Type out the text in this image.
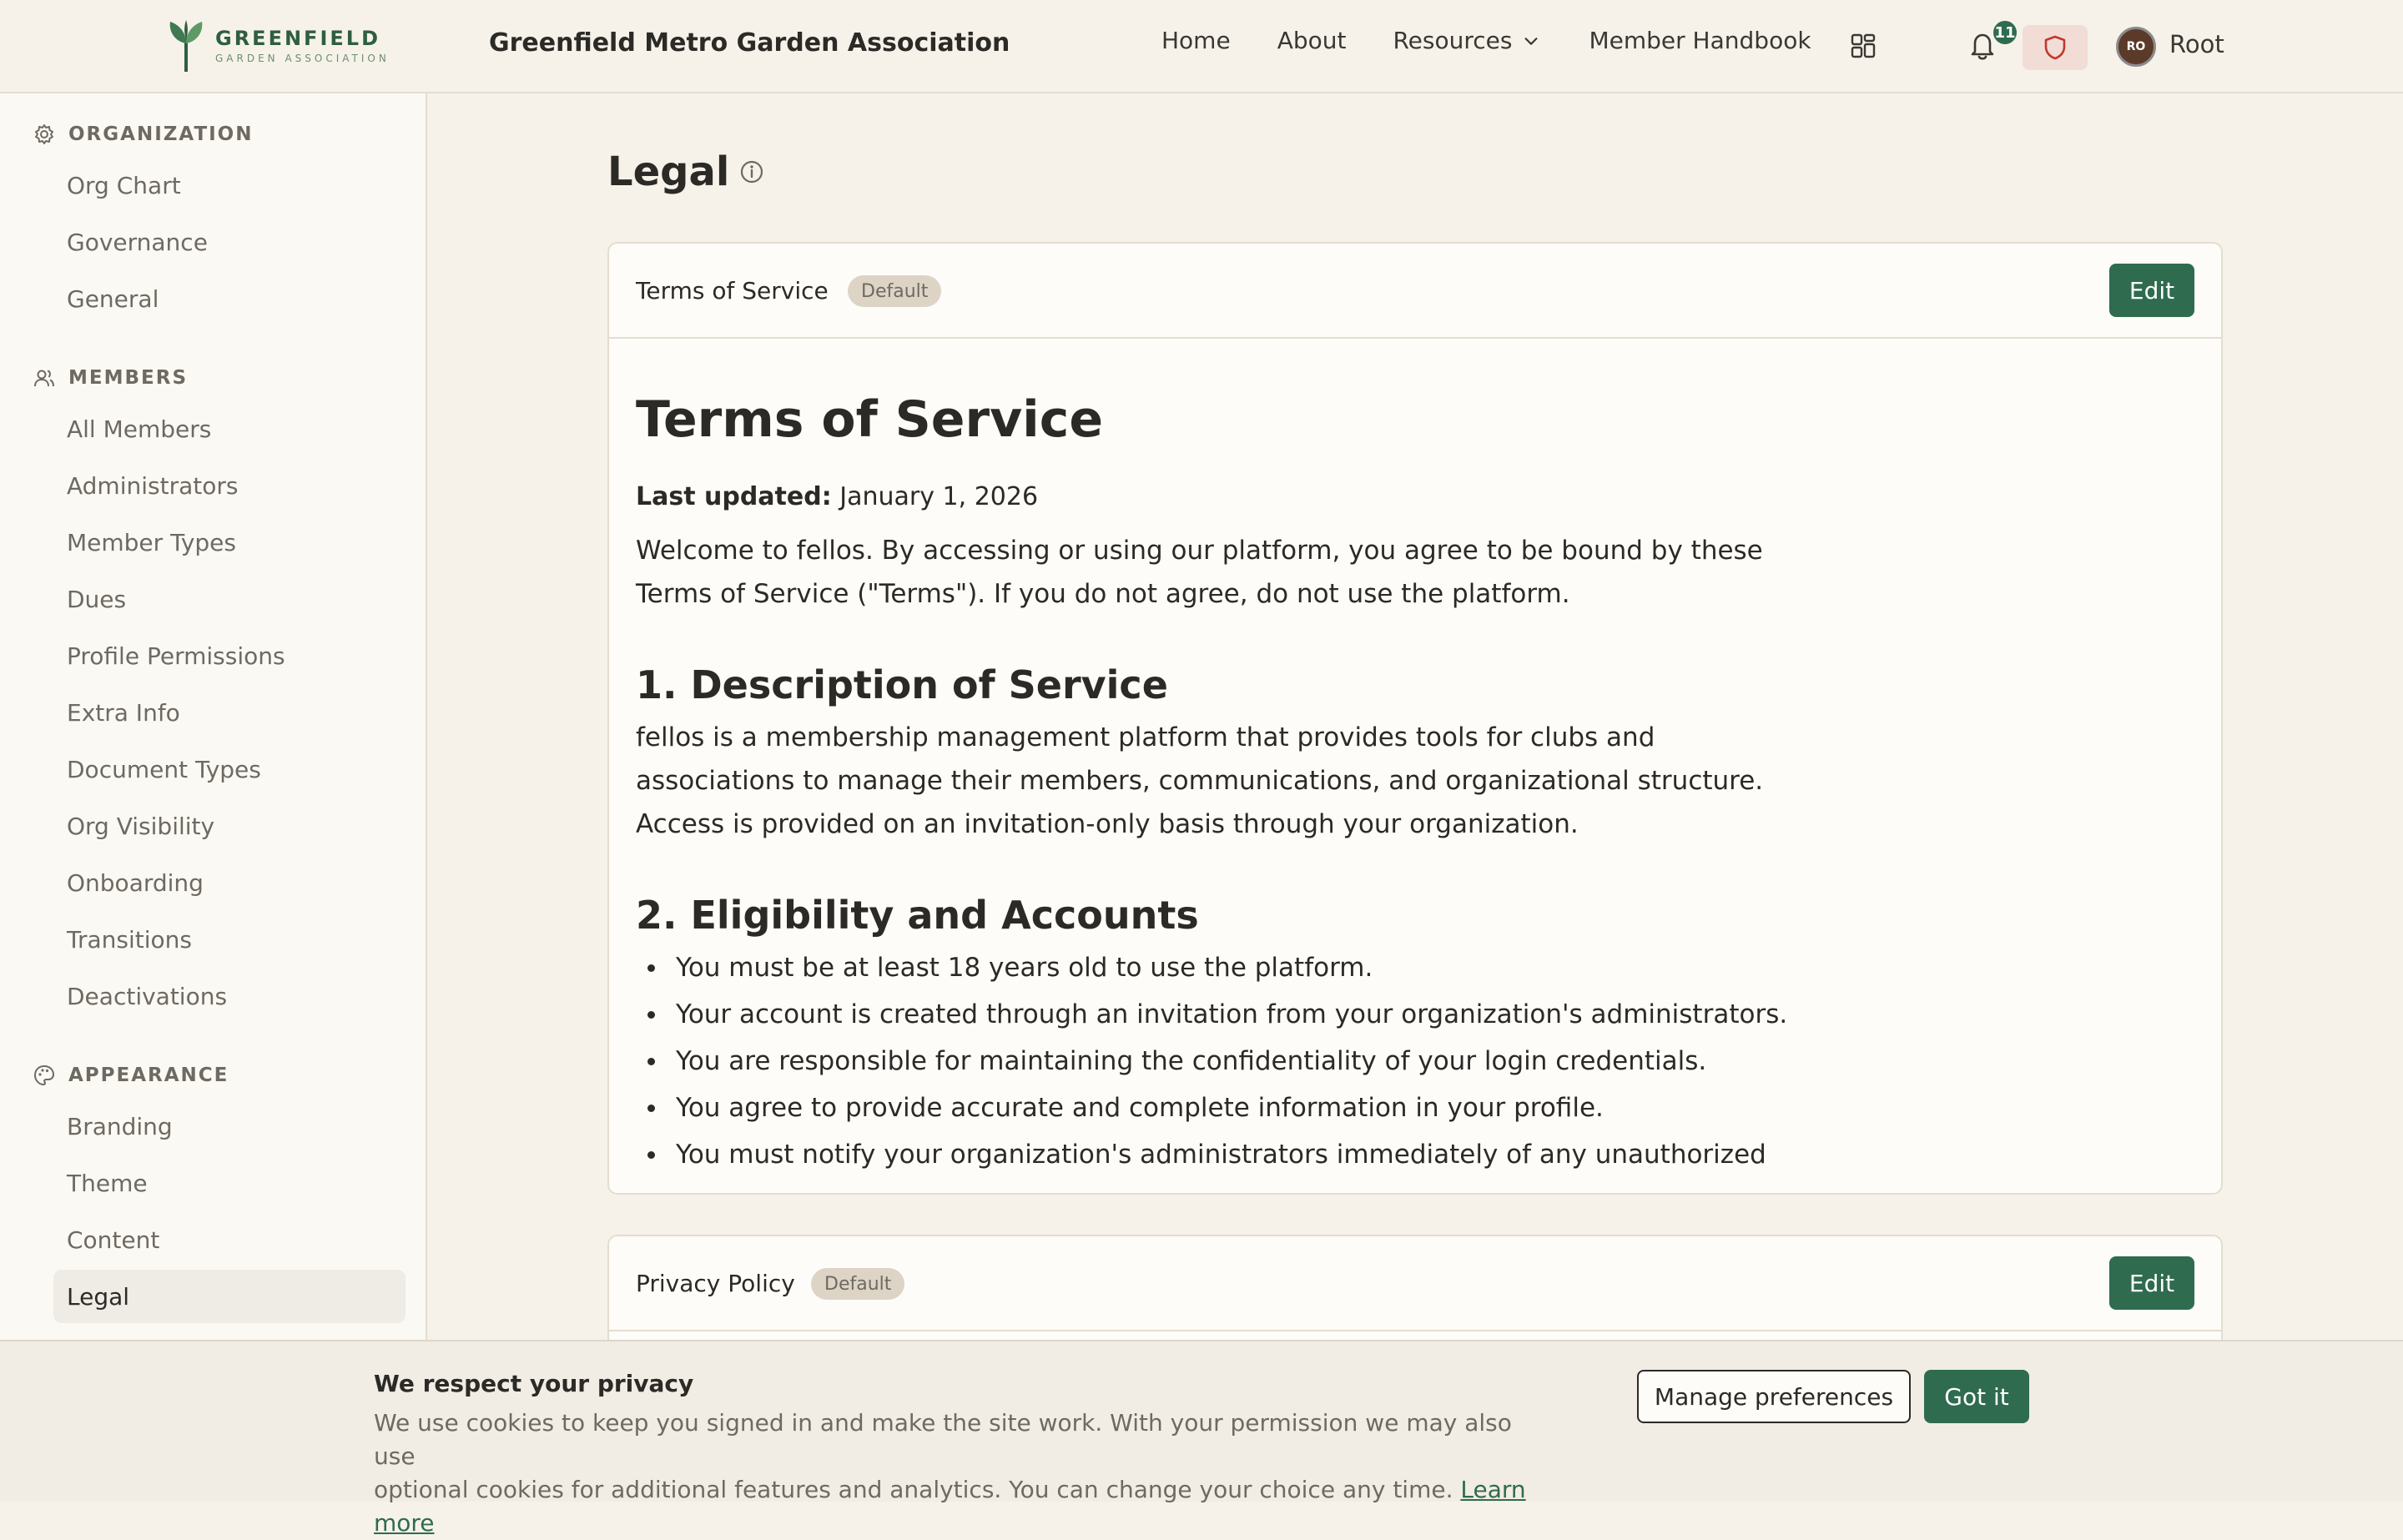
GREENFIELD
GARDEN ASSOCIATION
Greenfield Metro Garden Association	Home About Resources	Member Handbook	11
RO Root
ORGANIZATION
Org Chart
Governance
General
MEMBERS
All Members
Administrators
Member Types
Dues
Profile Permissions
Extra Info
Document Types
Org Visibility
Onboarding
Transitions
Deactivations
APPEARANCE
Branding
Theme
Content
Legal
Legal
Terms of Service	Default	Edit
Terms of Service
Last updated: January 1, 2026

Welcome to fellos. By accessing or using our platform, you agree to be bound by these

Terms of Service ("Terms"). If you do not agree, do not use the platform.

1. Description of Service

fellos is a membership management platform that provides tools for clubs and

associations to manage their members, communications, and organizational structure.

Access is provided on an invitation-only basis through your organization.

2. Eligibility and Accounts
You must be at least 18 years old to use the platform.
Your account is created through an invitation from your organization's administrators.
You are responsible for maintaining the confidentiality of your login credentials.
You agree to provide accurate and complete information in your profile.
You must notify your organization's administrators immediately of any unauthorized
Privacy Policy	Default	Edit
We respect your privacy
We use cookies to keep you signed in and make the site work. With your permission we may also use
optional cookies for additional features and analytics. You can change your choice any time. Learn more
Manage preferences	Got it
